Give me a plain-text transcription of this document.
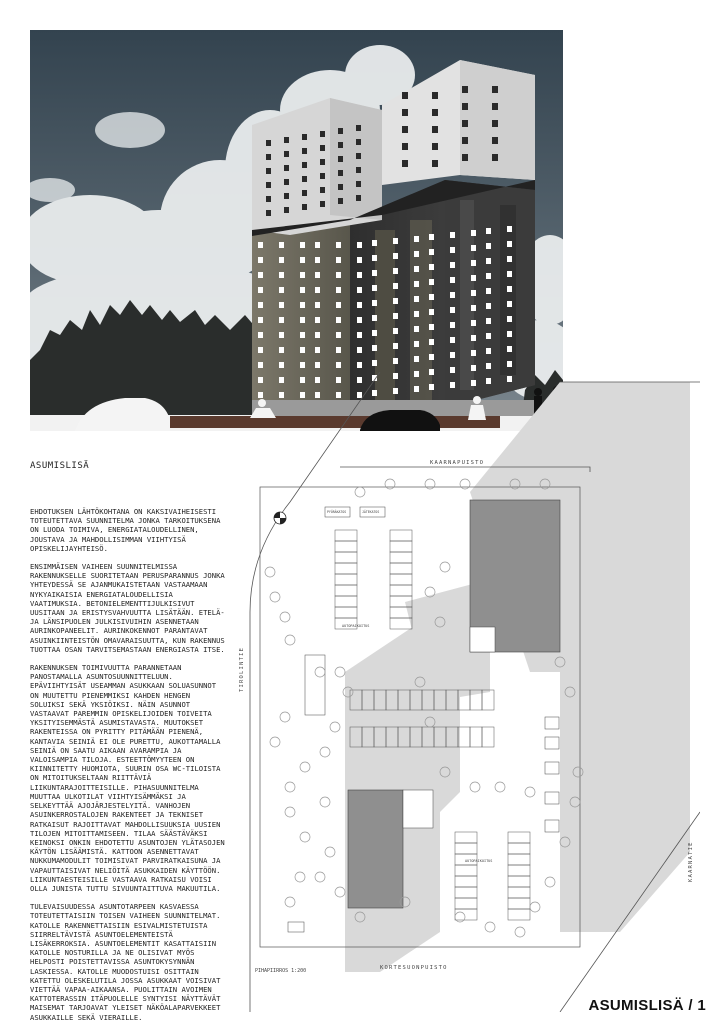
ASUMISLISÄ

EHDOTUKSEN LÄHTÖKOHTANA ON KAKSIVAIHEISESTI TOTEUTETTAVA SUUNNITELMA JONKA TARKOITUKSENA ON LUODA TOIMIVA, ENERGIATALOUDELLINEN, JOUSTAVA JA MAHDOLLISIMMAN VIIHTYISÄ OPISKELIJAYHTEISÖ.

ENSIMMÄISEN VAIHEEN SUUNNITELMISSA RAKENNUKSELLE SUORITETAAN PERUSPARANNUS JONKA YHTEYDESSÄ SE AJANMUKAISTETAAN VASTAAMAAN NYKYAIKAISIA ENERGIATALOUDELLISIA VAATIMUKSIA. BETONIELEMENTTIJULKISIVUT UUSITAAN JA ERISTYSVAHVUUTTA LISÄTÄÄN. ETELÄ- JA LÄNSIPUOLEN JULKISIVUIHIN ASENNETAAN AURINKOPANEELIT. AURINKOKENNOT PARANTAVAT ASUINKIINTEISTÖN OMAVARAISUUTTA, KUN RAKENNUS TUOTTAA OSAN TARVITSEMASTAAN ENERGIASTA ITSE.

RAKENNUKSEN TOIMIVUUTTA PARANNETAAN PANOSTAMALLA ASUNTOSUUNNITTELUUN. EPÄVIIHTYISÄT USEAMMAN ASUKKAAN SOLUASUNNOT ON MUUTETTU PIENEMMIKSI KAHDEN HENGEN SOLUIKSI SEKÄ YKSIÖIKSI. NÄIN ASUNNOT VASTAAVAT PAREMMIN OPISKELIJOIDEN TOIVEITA YKSITYISEMMÄSTÄ ASUMISTAVASTA. MUUTOKSET RAKENTEISSA ON PYRITTY PITÄMÄÄN PIENENÄ, KANTAVIA SEINIÄ EI OLE PURETTU, AUKOTTAMALLA SEINIÄ ON SAATU AIKAAN AVARAMPIA JA VALOISAMPIA TILOJA. ESTEETTÖMYYTEEN ON KIINNITETTY HUOMIOTA, SUURIN OSA WC-TILOISTA ON MITOITUKSELTAAN RIITTÄVIÄ LIIKUNTARAJOITTEISILLE. PIHASUUNNITELMA MUUTTAA ULKOTILAT VIIHTYISÄMMÄKSI JA SELKEYTTÄÄ AJOJÄRJESTELYITÄ. VANHOJEN ASUINKERROSTALOJEN RAKENTEET JA TEKNISET RATKAISUT RAJOITTAVAT MAHDOLLISUUKSIA UUSIEN TILOJEN MITOITTAMISEEN. TILAA SÄÄSTÄVÄKSI KEINOKSI ONKIN EHDOTETTU ASUNTOJEN YLÄTASOJEN KÄYTÖN LISÄÄMISTÄ. KATTOON ASENNETTAVAT NUKKUMAMODULIT TOIMISIVAT PARVIRATKAISUNA JA VAPAUTTAISIVAT NELIÖITÄ ASUKKAIDEN KÄYTTÖÖN. LIIKUNTAESTEISILLE VASTAAVA RATKAISU VOISI OLLA JUNISTA TUTTU SIVUUNTAITTUVA MAKUUTILA.

TULEVAISUUDESSA ASUNTOTARPEEN KASVAESSA TOTEUTETTAISIIN TOISEN VAIHEEN SUUNNITELMAT. KATOLLE RAKENNETTAISIIN ESIVALMISTETUISTA SIIRRELTÄVISTÄ ASUNTOELEMENTEISTÄ LISÄKERROKSIA. ASUNTOELEMENTIT KASATTAISIIN KATOLLE NOSTURILLA JA NE OLISIVAT MYÖS HELPOSTI POISTETTAVISSA ASUNTOKYSYNNÄN LASKIESSA. KATOLLE MUODOSTUISI OSITTAIN KATETTU OLESKELUTILA JOSSA ASUKKAAT VOISIVAT VIETTÄÄ VAPAA-AIKAANSA. PUOLITTAIN AVOIMEN KATTOTERASSIN ITÄPUOLELLE SYNTYISI NÄYTTÄVÄT MAISEMAT TARJOAVAT YLEISET NÄKÖALAPARVEKKEET ASUKKAILLE SEKÄ VIERAILLE.

KAARNAPUISTO
KORTESUONPUISTO
TIROLINTIE
KAARNATIE
PIHAPIIRROS 1:200
AUTOPAIKOITUS
PYÖRÄKATOS	JÄTEKATOS
AUTOPAIKOITUS
ASUMISLISÄ / 1
